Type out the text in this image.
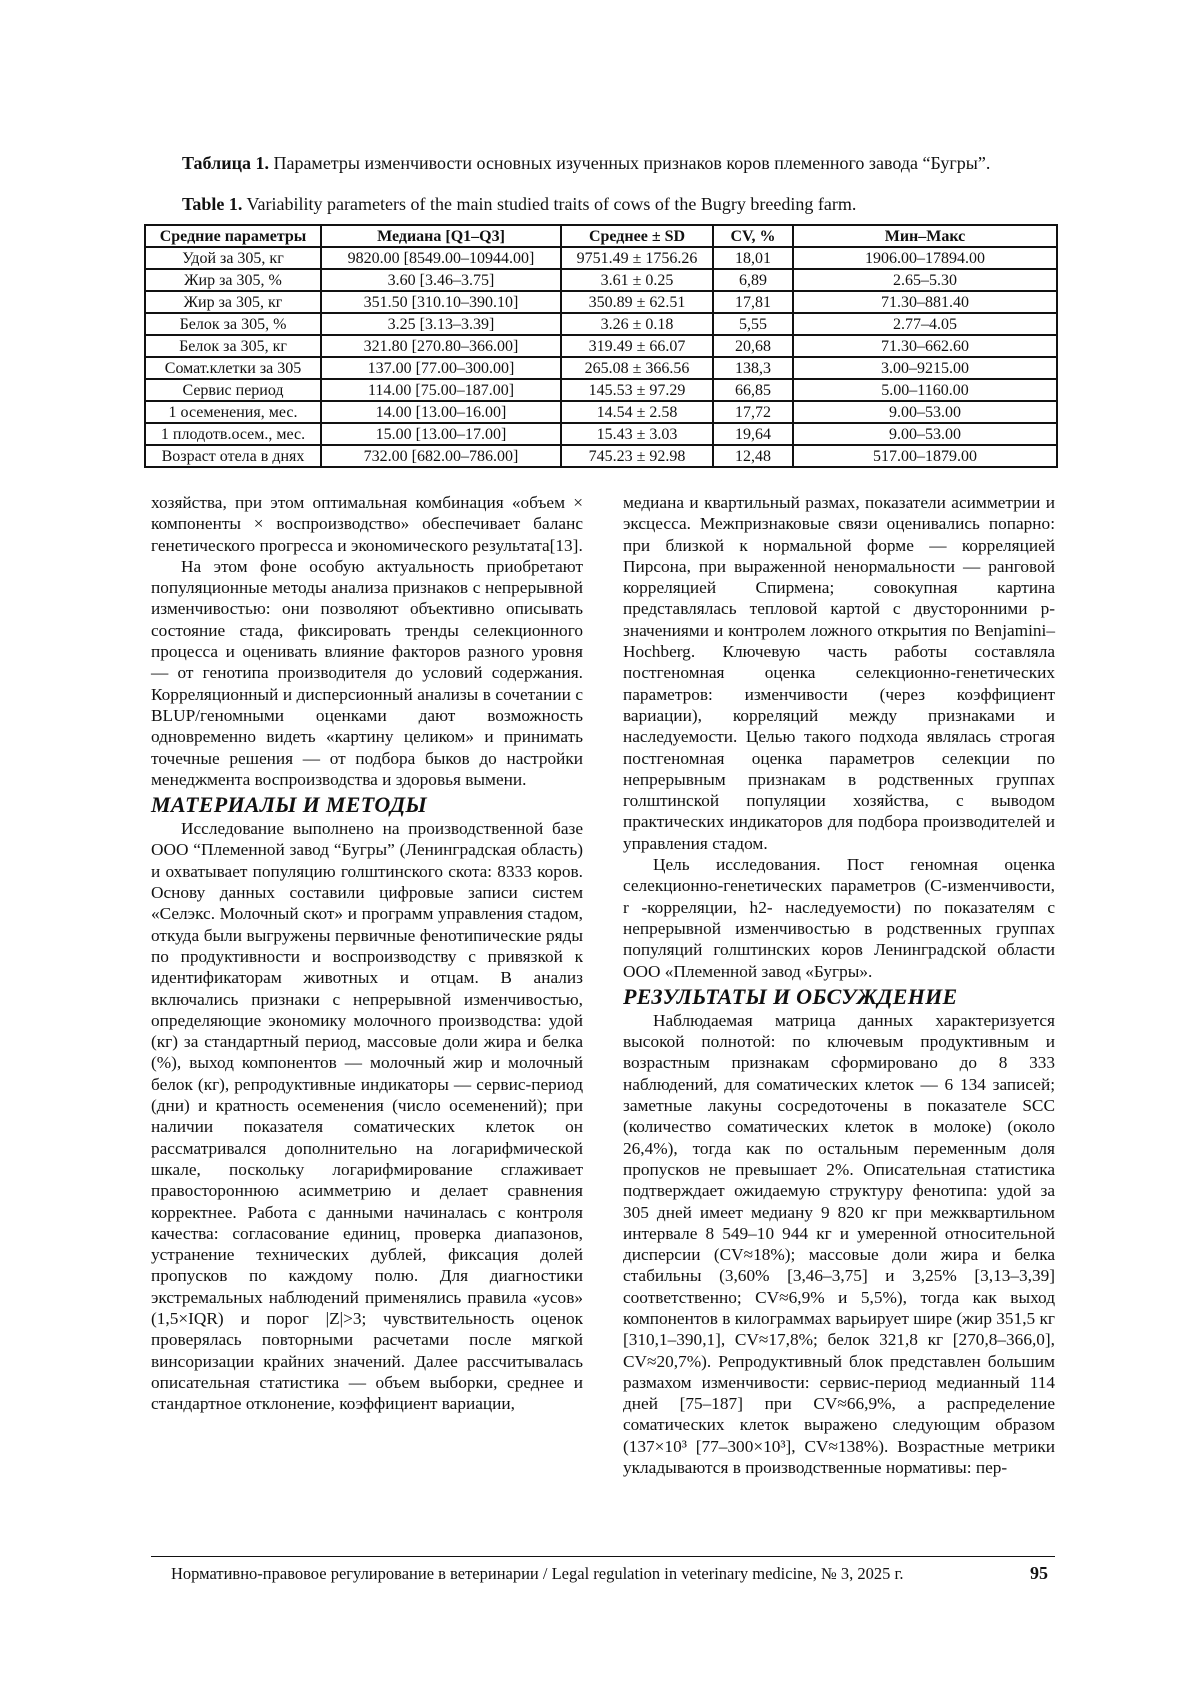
Таблица 1. Параметры изменчивости основных изученных признаков коров племенного завода “Бугры”.
Table 1. Variability parameters of the main studied traits of cows of the Bugry breeding farm.
Средние параметры	Медиана [Q1–Q3]	Среднее ± SD	CV, %	Мин–Макс
Удой за 305, кг	9820.00 [8549.00–10944.00]	9751.49 ± 1756.26	18,01	1906.00–17894.00
Жир за 305, %	3.60 [3.46–3.75]	3.61 ± 0.25	6,89	2.65–5.30
Жир за 305, кг	351.50 [310.10–390.10]	350.89 ± 62.51	17,81	71.30–881.40
Белок за 305, %	3.25 [3.13–3.39]	3.26 ± 0.18	5,55	2.77–4.05
Белок за 305, кг	321.80 [270.80–366.00]	319.49 ± 66.07	20,68	71.30–662.60
Сомат.клетки за 305	137.00 [77.00–300.00]	265.08 ± 366.56	138,3	3.00–9215.00
Сервис период	114.00 [75.00–187.00]	145.53 ± 97.29	66,85	5.00–1160.00
1 осеменения, мес.	14.00 [13.00–16.00]	14.54 ± 2.58	17,72	9.00–53.00
1 плодотв.осем., мес.	15.00 [13.00–17.00]	15.43 ± 3.03	19,64	9.00–53.00
Возраст отела в днях	732.00 [682.00–786.00]	745.23 ± 92.98	12,48	517.00–1879.00

хозяйства, при этом оптимальная комбинация «объем × компоненты × воспроизводство» обеспечивает баланс генетического прогресса и экономического результата[13].

На этом фоне особую актуальность приобретают популяционные методы анализа признаков с непрерывной изменчивостью: они позволяют объективно описывать состояние стада, фиксировать тренды селекционного процесса и оценивать влияние факторов разного уровня — от генотипа производителя до условий содержания. Корреляционный и дисперсионный анализы в сочетании с BLUP/геномными оценками дают возможность одновременно видеть «картину целиком» и принимать точечные решения — от подбора быков до настройки менеджмента воспроизводства и здоровья вымени.

МАТЕРИАЛЫ И МЕТОДЫ

Исследование выполнено на производственной базе ООО “Племенной завод “Бугры” (Ленинградская область) и охватывает популяцию голштинского скота: 8333 коров. Основу данных составили цифровые записи систем «Селэкс. Молочный скот» и программ управления стадом, откуда были выгружены первичные фенотипические ряды по продуктивности и воспроизводству с привязкой к идентификаторам животных и отцам. В анализ включались признаки с непрерывной изменчивостью, определяющие экономику молочного производства: удой (кг) за стандартный период, массовые доли жира и белка (%), выход компонентов — молочный жир и молочный белок (кг), репродуктивные индикаторы — сервис-период (дни) и кратность осеменения (число осеменений); при наличии показателя соматических клеток он рассматривался дополнительно на логарифмической шкале, поскольку логарифмирование сглаживает правостороннюю асимметрию и делает сравнения корректнее. Работа с данными начиналась с контроля качества: согласование единиц, проверка диапазонов, устранение технических дублей, фиксация долей пропусков по каждому полю. Для диагностики экстремальных наблюдений применялись правила «усов» (1,5×IQR) и порог |Z|>3; чувствительность оценок проверялась повторными расчетами после мягкой винсоризации крайних значений. Далее рассчитывалась описательная статистика — объем выборки, среднее и стандартное отклонение, коэффициент вариации,

медиана и квартильный размах, показатели асимметрии и эксцесса. Межпризнаковые связи оценивались попарно: при близкой к нормальной форме — корреляцией Пирсона, при выраженной ненормальности — ранговой корреляцией Спирмена; совокупная картина представлялась тепловой картой с двусторонними p-значениями и контролем ложного открытия по Benjamini–Hochberg. Ключевую часть работы составляла постгеномная оценка селекционно-генетических параметров: изменчивости (через коэффициент вариации), корреляций между признаками и наследуемости. Целью такого подхода являлась строгая постгеномная оценка параметров селекции по непрерывным признакам в родственных группах голштинской популяции хозяйства, с выводом практических индикаторов для подбора производителей и управления стадом.

Цель исследования. Пост геномная оценка селекционно-генетических параметров (С-изменчивости, r -корреляции, h2- наследуемости) по показателям с непрерывной изменчивостью в родственных группах популяций голштинских коров Ленинградской области ООО «Племенной завод «Бугры».

РЕЗУЛЬТАТЫ И ОБСУЖДЕНИЕ

Наблюдаемая матрица данных характеризуется высокой полнотой: по ключевым продуктивным и возрастным признакам сформировано до 8 333 наблюдений, для соматических клеток — 6 134 записей; заметные лакуны сосредоточены в показателе SCC (количество соматических клеток в молоке) (около 26,4%), тогда как по остальным переменным доля пропусков не превышает 2%. Описательная статистика подтверждает ожидаемую структуру фенотипа: удой за 305 дней имеет медиану 9 820 кг при межквартильном интервале 8 549–10 944 кг и умеренной относительной дисперсии (CV≈18%); массовые доли жира и белка стабильны (3,60% [3,46–3,75] и 3,25% [3,13–3,39] соответственно; CV≈6,9% и 5,5%), тогда как выход компонентов в килограммах варьирует шире (жир 351,5 кг [310,1–390,1], CV≈17,8%; белок 321,8 кг [270,8–366,0], CV≈20,7%). Репродуктивный блок представлен большим размахом изменчивости: сервис-период медианный 114 дней [75–187] при CV≈66,9%, а распределение соматических клеток выражено следующим образом (137×10³ [77–300×10³], CV≈138%). Возрастные метрики укладываются в производственные нормативы: пер-

Нормативно-правовое регулирование в ветеринарии / Legal regulation in veterinary medicine, № 3, 2025 г.	95
